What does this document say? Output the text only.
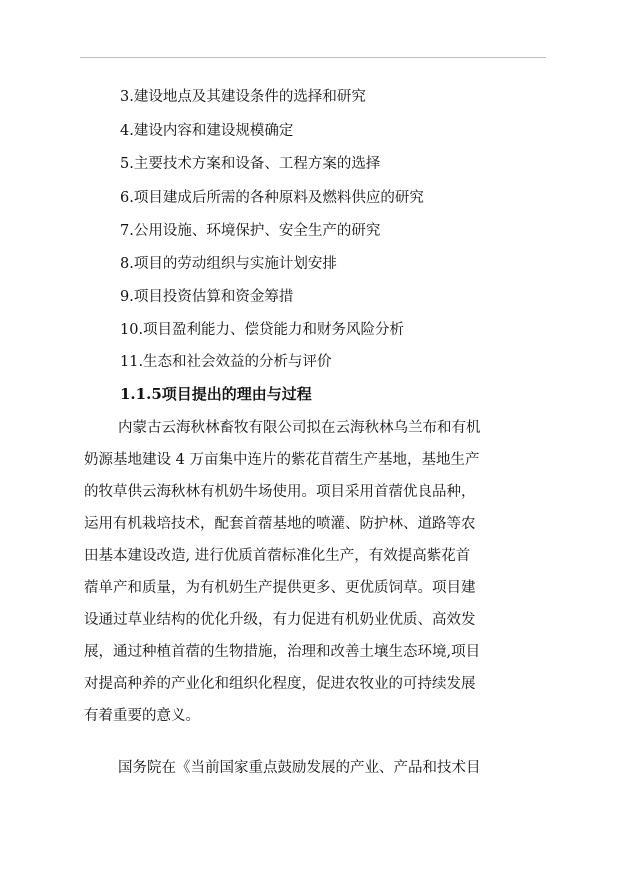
3.建设地点及其建设条件的选择和研究
4.建设内容和建设规模确定
5.主要技术方案和设备、工程方案的选择
6.项目建成后所需的各种原料及燃料供应的研究
7.公用设施、环境保护、安全生产的研究
8.项目的劳动组织与实施计划安排
9.项目投资估算和资金筹措
10.项目盈利能力、偿贷能力和财务风险分析
11.生态和社会效益的分析与评价
1.1.5项目提出的理由与过程
内蒙古云海秋林畜牧有限公司拟在云海秋林乌兰布和有机
奶源基地建设 4 万亩集中连片的紫花苜蓿生产基地，基地生产
的牧草供云海秋林有机奶牛场使用。项目采用首蓿优良品种，
运用有机栽培技术，配套首蓿基地的喷灌、防护林、道路等农
田基本建设改造, 进行优质首蓿标准化生产，有效提高紫花首
蓿单产和质量，为有机奶生产提供更多、更优质饲草。项目建
设通过草业结构的优化升级，有力促进有机奶业优质、高效发
展，通过种植首蓿的生物措施，治理和改善土壤生态环境,项目
对提高种养的产业化和组织化程度，促进农牧业的可持续发展
有着重要的意义。
国务院在《当前国家重点鼓励发展的产业、产品和技术目
